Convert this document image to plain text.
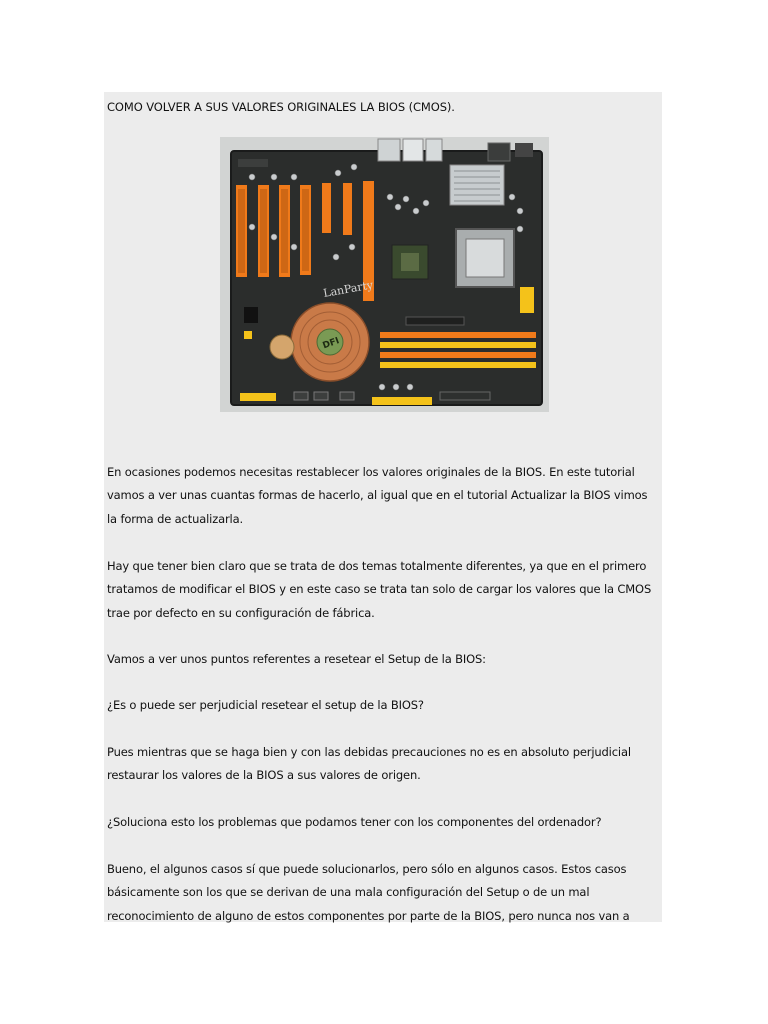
COMO VOLVER A SUS VALORES ORIGINALES LA BIOS (CMOS).
LanParty
DFI

En ocasiones podemos necesitas restablecer los valores originales de la BIOS. En este tutorial vamos a ver unas cuantas formas de hacerlo, al igual que en el tutorial Actualizar la BIOS vimos la forma de actualizarla.

Hay que tener bien claro que se trata de dos temas totalmente diferentes, ya que en el primero tratamos de modificar el BIOS y en este caso se trata tan solo de cargar los valores que la CMOS trae por defecto en su configuración de fábrica.

Vamos a ver unos puntos referentes a resetear el Setup de la BIOS:

¿Es o puede ser perjudicial resetear el setup de la BIOS?

Pues mientras que se haga bien y con las debidas precauciones no es en absoluto perjudicial restaurar los valores de la BIOS a sus valores de origen.

¿Soluciona esto los problemas que podamos tener con los componentes del ordenador?

Bueno, el algunos casos sí que puede solucionarlos, pero sólo en algunos casos. Estos casos básicamente son los que se derivan de una mala configuración del Setup o de un mal reconocimiento de alguno de estos componentes por parte de la BIOS, pero nunca nos van a
